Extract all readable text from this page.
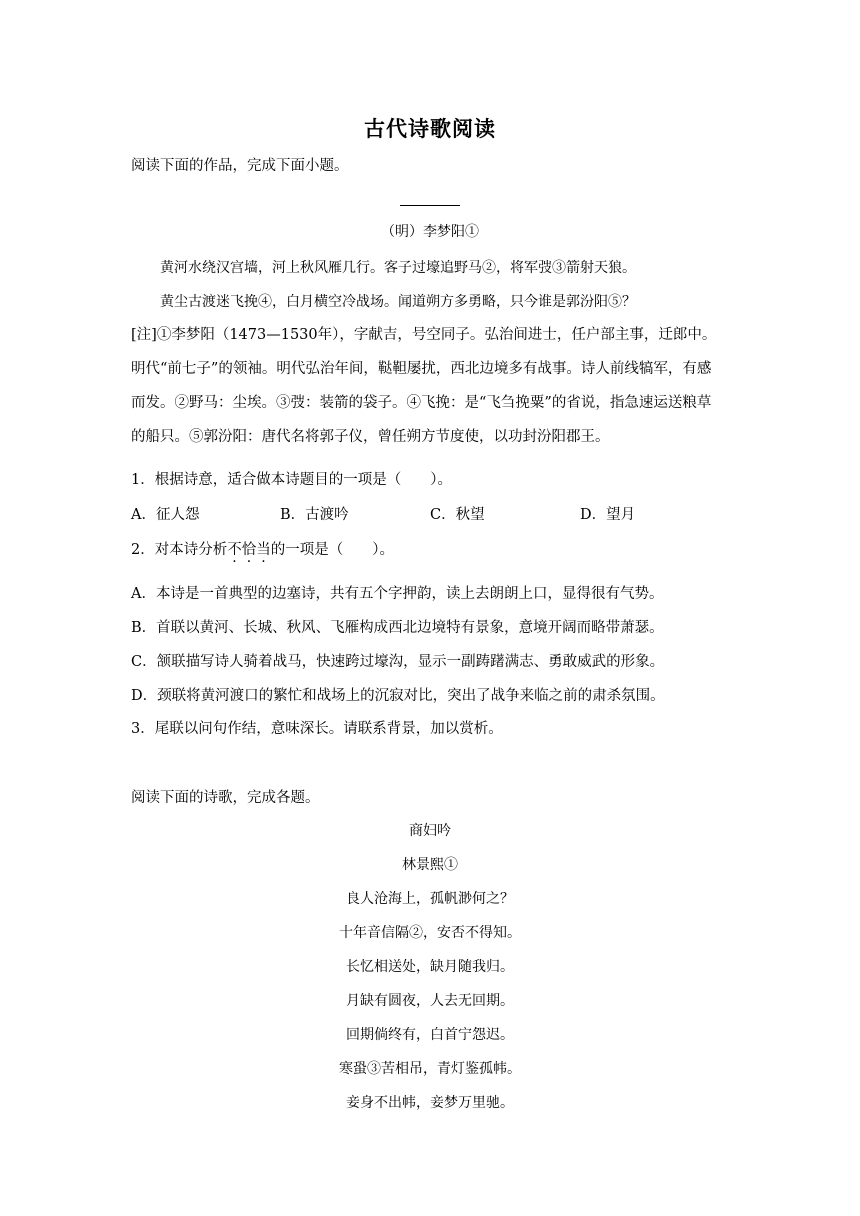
古代诗歌阅读
阅读下面的作品，完成下面小题。
（明）李梦阳①
黄河水绕汉宫墙，河上秋风雁几行。客子过壕追野马②，将军弢③箭射天狼。
黄尘古渡迷飞挽④，白月横空冷战场。闻道朔方多勇略，只今谁是郭汾阳⑤？
[注]①李梦阳（1473—1530年），字献吉，号空同子。弘治间进士，任户部主事，迁郎中。
明代“前七子”的领袖。明代弘治年间，鞑靼屡扰，西北边境多有战事。诗人前线犒军，有感
而发。②野马：尘埃。③弢：装箭的袋子。④飞挽：是“飞刍挽粟”的省说，指急速运送粮草
的船只。⑤郭汾阳：唐代名将郭子仪，曾任朔方节度使，以功封汾阳郡王。
1．根据诗意，适合做本诗题目的一项是（　　）。
A．征人怨	B．古渡吟	C．秋望	D．望月
2．对本诗分析不恰当的一项是（　　）。
A．本诗是一首典型的边塞诗，共有五个字押韵，读上去朗朗上口，显得很有气势。
B．首联以黄河、长城、秋风、飞雁构成西北边境特有景象，意境开阔而略带萧瑟。
C．颔联描写诗人骑着战马，快速跨过壕沟，显示一副踌躇满志、勇敢威武的形象。
D．颈联将黄河渡口的繁忙和战场上的沉寂对比，突出了战争来临之前的肃杀氛围。
3．尾联以问句作结，意味深长。请联系背景，加以赏析。
阅读下面的诗歌，完成各题。
商妇吟
林景熙①
良人沧海上，孤帆渺何之？
十年音信隔②，安否不得知。
长忆相送处，缺月随我归。
月缺有圆夜，人去无回期。
回期倘终有，白首宁怨迟。
寒蛩③苦相吊，青灯鉴孤帏。
妾身不出帏，妾梦万里驰。
